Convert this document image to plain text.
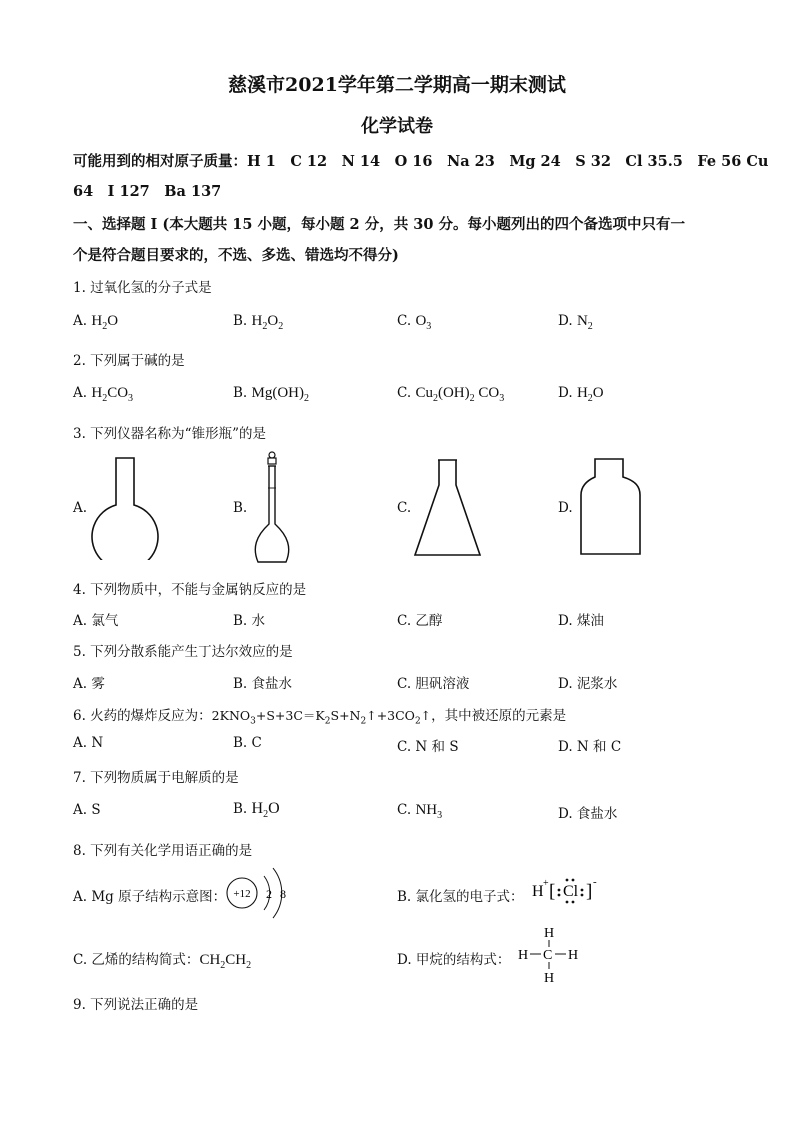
慈溪市2021学年第二学期高一期末测试
化学试卷
可能用到的相对原子质量：H 1　C 12　N 14　O 16　Na 23　Mg 24　S 32　Cl 35.5　Fe 56 Cu
64　I 127　Ba 137
一、选择题 I (本大题共 15 小题，每小题 2 分，共 30 分。每小题列出的四个备选项中只有一
个是符合题目要求的，不选、多选、错选均不得分)
1. 过氧化氢的分子式是
A. $H_2O$	B. $H_2O_2$	C. $O_3$	D. $N_2$
2. 下列属于碱的是
A. $H_2CO_3$	B. $Mg(OH)_2$	C. $Cu_2(OH)_2$ $CO_3$	D. $H_2O$
3. 下列仪器名称为“锥形瓶”的是
A.	B.	C.	D.
4. 下列物质中，不能与金属钠反应的是
A. 氯气	B. 水	C. 乙醇	D. 煤油
5. 下列分散系能产生丁达尔效应的是
A. 雾	B. 食盐水	C. 胆矾溶液	D. 泥浆水
6. 火药的爆炸反应为：$2KNO_3+S+3C=K_2S+N_2↑+3CO_2↑$，其中被还原的元素是
A. N	B. C	C. N 和 S	D. N 和 C
7. 下列物质属于电解质的是
A. S	B. $H_2O$	C. $NH_3$	D. 食盐水
8. 下列有关化学用语正确的是
A. Mg 原子结构示意图： +12 2 8	B. 氯化氢的电子式： H + [ Cl ] -
C. 乙烯的结构简式：$CH_2CH_2$	D. 甲烷的结构式：
H
H C H
H
9. 下列说法正确的是
